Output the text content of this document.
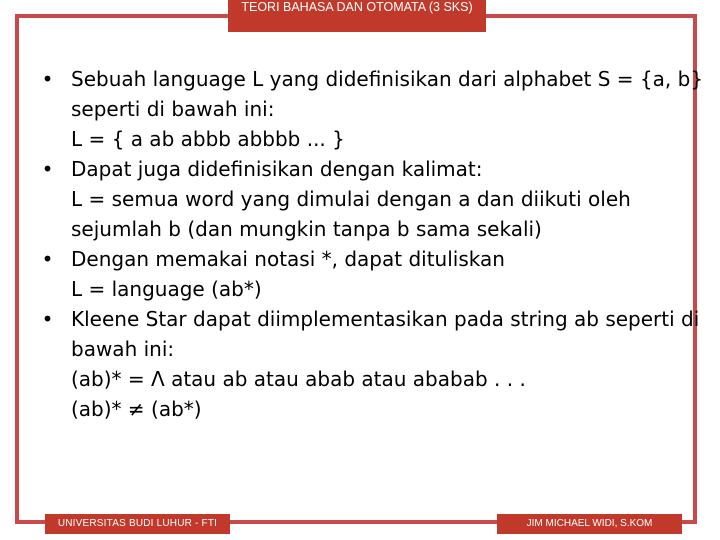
TEORI BAHASA DAN OTOMATA (3 SKS)
• Sebuah language L yang didefinisikan dari alphabet S = {a, b}
seperti di bawah ini:
L = { a ab abbb abbbb ... }
• Dapat juga didefinisikan dengan kalimat:
L = semua word yang dimulai dengan a dan diikuti oleh
sejumlah b (dan mungkin tanpa b sama sekali)
• Dengan memakai notasi *, dapat dituliskan
L = language (ab*)
• Kleene Star dapat diimplementasikan pada string ab seperti di
bawah ini:
(ab)* = Λ atau ab atau abab atau ababab . . .
(ab)* ≠ (ab*)
UNIVERSITAS BUDI LUHUR - FTI	JIM MICHAEL WIDI, S.KOM
